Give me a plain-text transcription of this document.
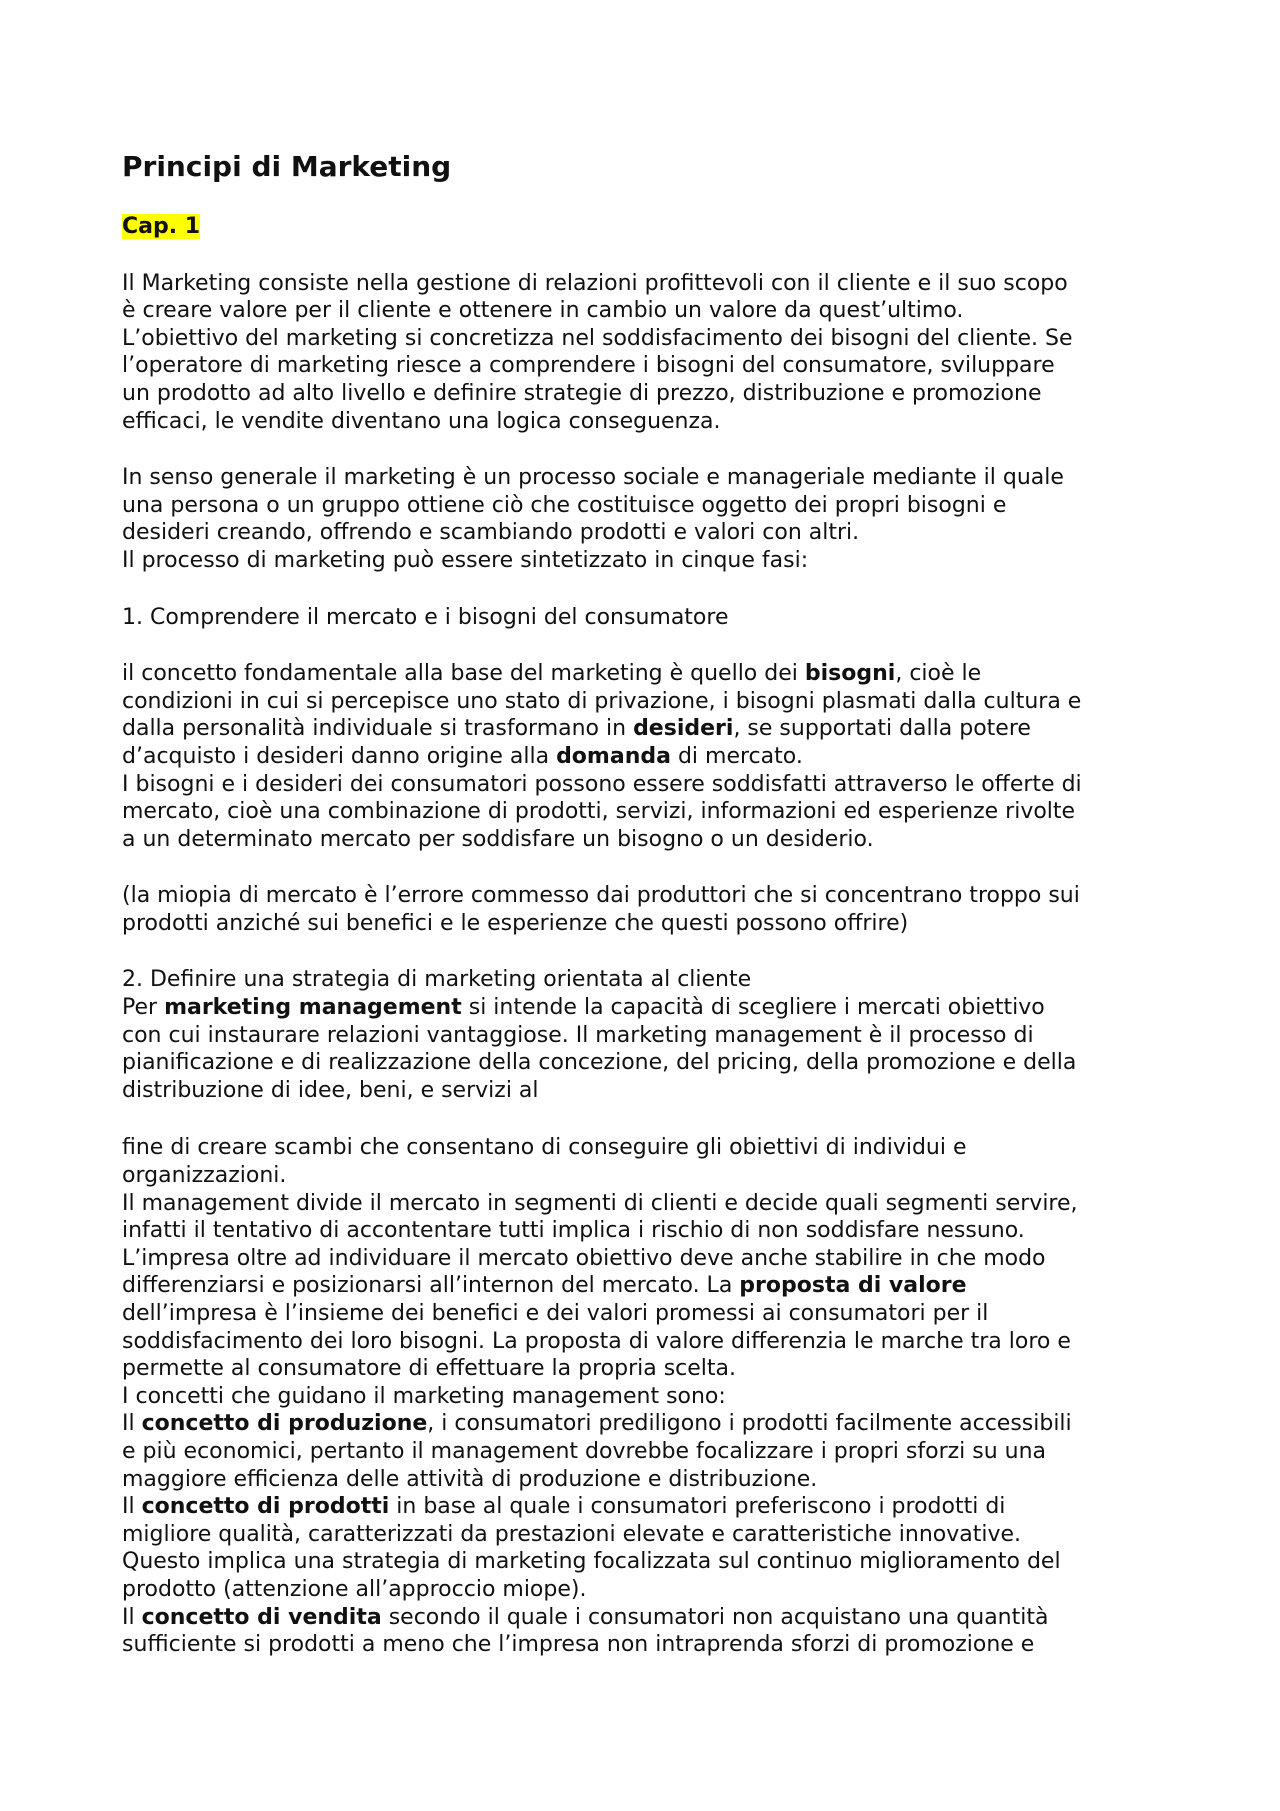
Principi di Marketing
Cap. 1

Il Marketing consiste nella gestione di relazioni profittevoli con il cliente e il suo scopo

è creare valore per il cliente e ottenere in cambio un valore da quest’ultimo.

L’obiettivo del marketing si concretizza nel soddisfacimento dei bisogni del cliente. Se

l’operatore di marketing riesce a comprendere i bisogni del consumatore, sviluppare

un prodotto ad alto livello e definire strategie di prezzo, distribuzione e promozione

efficaci, le vendite diventano una logica conseguenza.

In senso generale il marketing è un processo sociale e manageriale mediante il quale

una persona o un gruppo ottiene ciò che costituisce oggetto dei propri bisogni e

desideri creando, offrendo e scambiando prodotti e valori con altri.

Il processo di marketing può essere sintetizzato in cinque fasi:

1. Comprendere il mercato e i bisogni del consumatore

il concetto fondamentale alla base del marketing è quello dei bisogni, cioè le

condizioni in cui si percepisce uno stato di privazione, i bisogni plasmati dalla cultura e

dalla personalità individuale si trasformano in desideri, se supportati dalla potere

d’acquisto i desideri danno origine alla domanda di mercato.

I bisogni e i desideri dei consumatori possono essere soddisfatti attraverso le offerte di

mercato, cioè una combinazione di prodotti, servizi, informazioni ed esperienze rivolte

a un determinato mercato per soddisfare un bisogno o un desiderio.

(la miopia di mercato è l’errore commesso dai produttori che si concentrano troppo sui

prodotti anziché sui benefici e le esperienze che questi possono offrire)

2. Definire una strategia di marketing orientata al cliente

Per marketing management si intende la capacità di scegliere i mercati obiettivo

con cui instaurare relazioni vantaggiose. Il marketing management è il processo di

pianificazione e di realizzazione della concezione, del pricing, della promozione e della

distribuzione di idee, beni, e servizi al

fine di creare scambi che consentano di conseguire gli obiettivi di individui e

organizzazioni.

Il management divide il mercato in segmenti di clienti e decide quali segmenti servire,

infatti il tentativo di accontentare tutti implica i rischio di non soddisfare nessuno.

L’impresa oltre ad individuare il mercato obiettivo deve anche stabilire in che modo

differenziarsi e posizionarsi all’internon del mercato. La proposta di valore

dell’impresa è l’insieme dei benefici e dei valori promessi ai consumatori per il

soddisfacimento dei loro bisogni. La proposta di valore differenzia le marche tra loro e

permette al consumatore di effettuare la propria scelta.

I concetti che guidano il marketing management sono:

Il concetto di produzione, i consumatori prediligono i prodotti facilmente accessibili

e più economici, pertanto il management dovrebbe focalizzare i propri sforzi su una

maggiore efficienza delle attività di produzione e distribuzione.

Il concetto di prodotti in base al quale i consumatori preferiscono i prodotti di

migliore qualità, caratterizzati da prestazioni elevate e caratteristiche innovative.

Questo implica una strategia di marketing focalizzata sul continuo miglioramento del

prodotto (attenzione all’approccio miope).

Il concetto di vendita secondo il quale i consumatori non acquistano una quantità

sufficiente si prodotti a meno che l’impresa non intraprenda sforzi di promozione e
